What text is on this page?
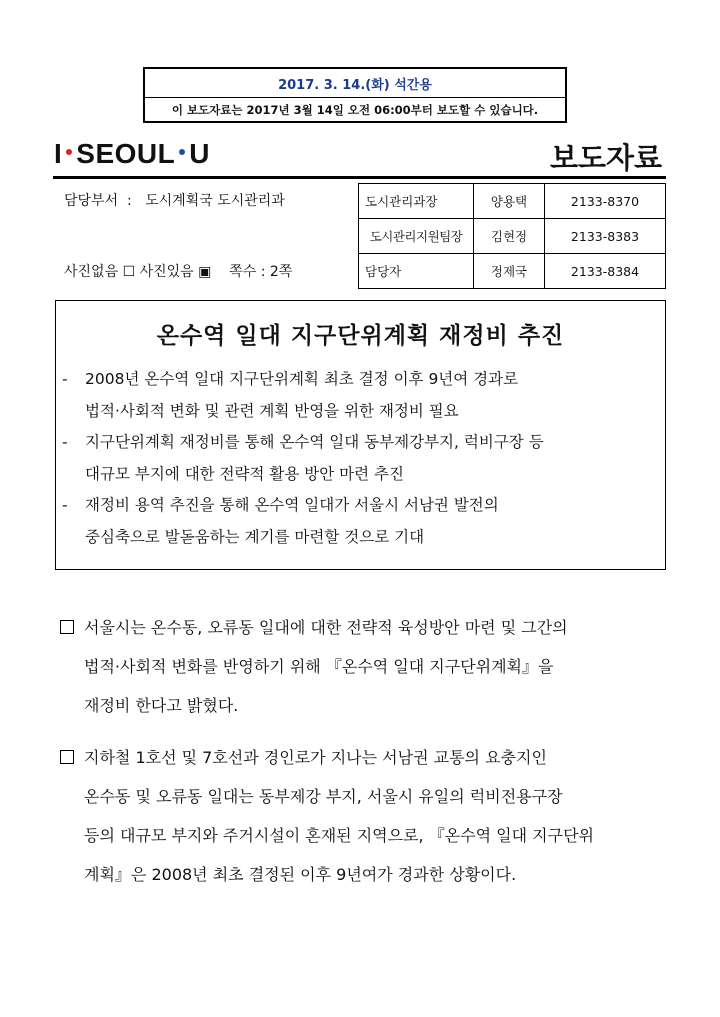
2017. 3. 14.(화) 석간용
이 보도자료는 2017년 3월 14일 오전 06:00부터 보도할 수 있습니다.
I SEOUL U	보도자료
담당부서  :   도시계획국 도시관리과
사진없음 ☐ 사진있음 ▣    쪽수 : 2쪽
도시관리과장	양용택	2133-8370
도시관리지원팀장	김현정	2133-8383
담당자	정제국	2133-8384
온수역 일대 지구단위계획 재정비 추진
- 2008년 온수역 일대 지구단위계획 최초 결정 이후 9년여 경과로
법적·사회적 변화 및 관련 계획 반영을 위한 재정비 필요
- 지구단위계획 재정비를 통해 온수역 일대 동부제강부지, 럭비구장 등
대규모 부지에 대한 전략적 활용 방안 마련 추진
- 재정비 용역 추진을 통해 온수역 일대가 서울시 서남권 발전의
중심축으로 발돋움하는 계기를 마련할 것으로 기대
서울시는 온수동, 오류동 일대에 대한 전략적 육성방안 마련 및 그간의
법적·사회적 변화를 반영하기 위해 『온수역 일대 지구단위계획』을
재정비 한다고 밝혔다.
지하철 1호선 및 7호선과 경인로가 지나는 서남권 교통의 요충지인
온수동 및 오류동 일대는 동부제강 부지, 서울시 유일의 럭비전용구장
등의 대규모 부지와 주거시설이 혼재된 지역으로, 『온수역 일대 지구단위
계획』은 2008년 최초 결정된 이후 9년여가 경과한 상황이다.
